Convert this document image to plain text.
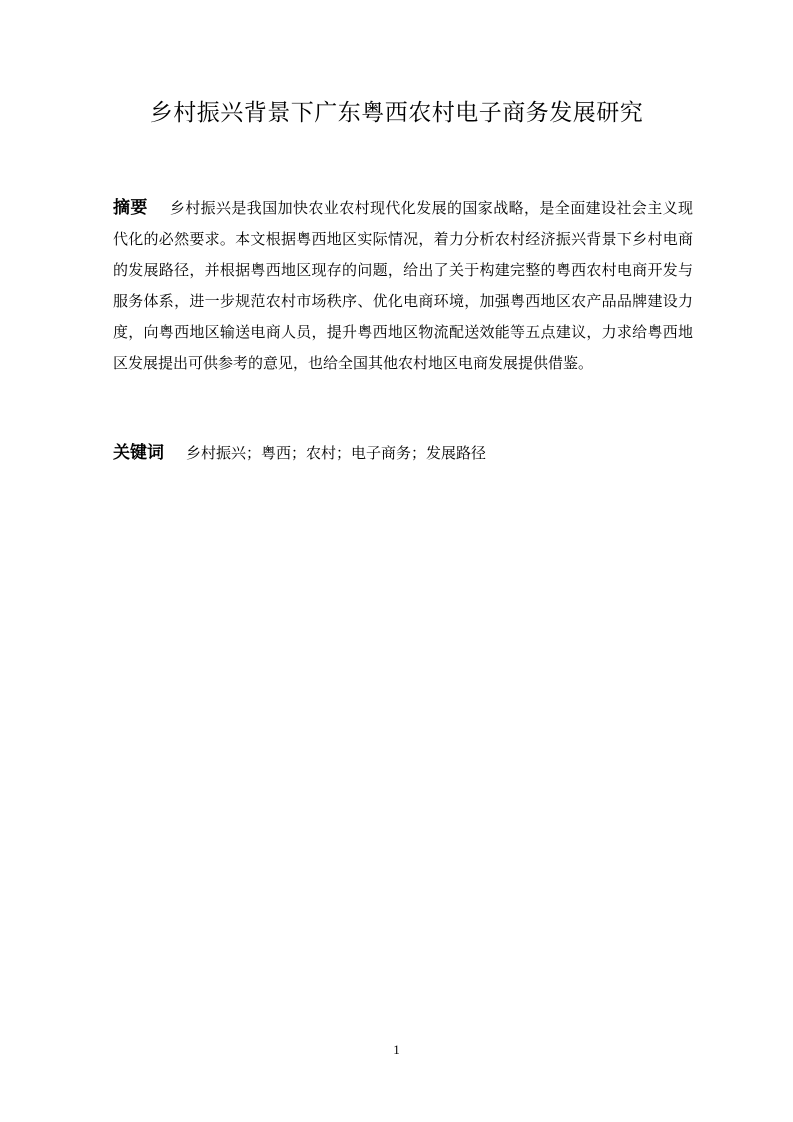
乡村振兴背景下广东粤西农村电子商务发展研究
摘要 乡村振兴是我国加快农业农村现代化发展的国家战略，是全面建设社会主义现代化的必然要求。本文根据粤西地区实际情况，着力分析农村经济振兴背景下乡村电商的发展路径，并根据粤西地区现存的问题，给出了关于构建完整的粤西农村电商开发与服务体系，进一步规范农村市场秩序、优化电商环境，加强粤西地区农产品品牌建设力度，向粤西地区输送电商人员，提升粤西地区物流配送效能等五点建议，力求给粤西地区发展提出可供参考的意见，也给全国其他农村地区电商发展提供借鉴。
关键词 乡村振兴；粤西；农村；电子商务；发展路径
1
